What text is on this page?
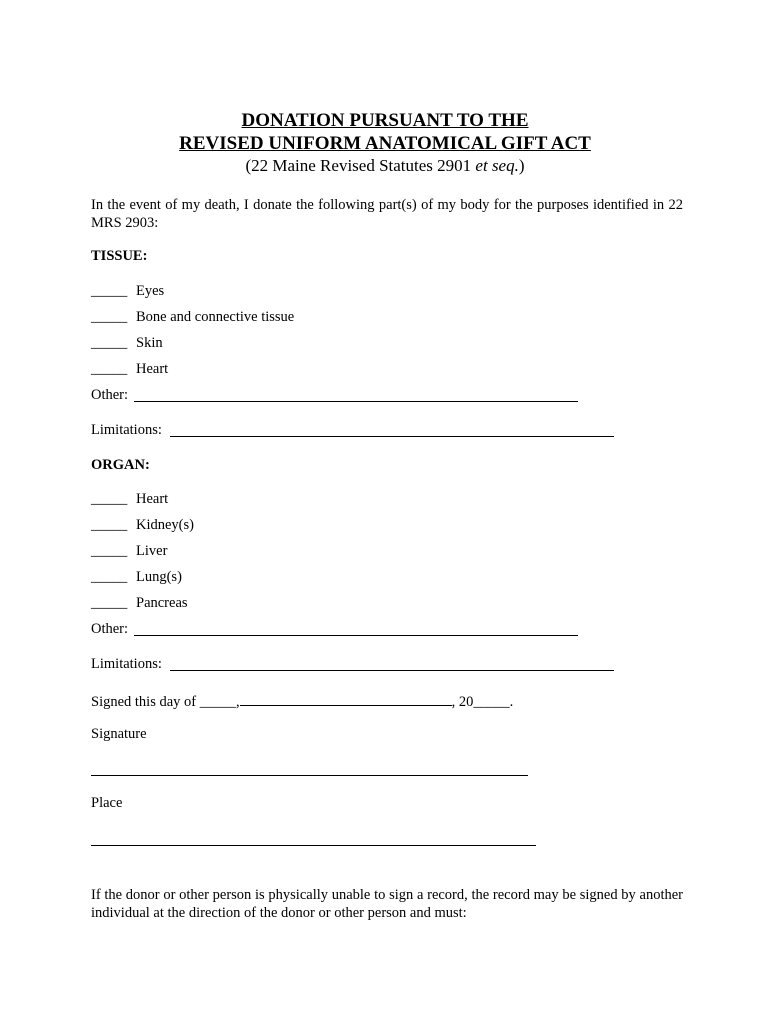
DONATION PURSUANT TO THE
REVISED UNIFORM ANATOMICAL GIFT ACT
(22 Maine Revised Statutes 2901 et seq.)
In the event of my death, I donate the following part(s) of my body for the purposes identified in 22 MRS 2903:
TISSUE:
_____ Eyes
_____ Bone and connective tissue
_____ Skin
_____ Heart
Other:
Limitations:
ORGAN:
_____ Heart
_____ Kidney(s)
_____ Liver
_____ Lung(s)
_____ Pancreas
Other:
Limitations:
Signed this day of _____,	, 20_____.
Signature
Place
If the donor or other person is physically unable to sign a record, the record may be signed by another individual at the direction of the donor or other person and must:
